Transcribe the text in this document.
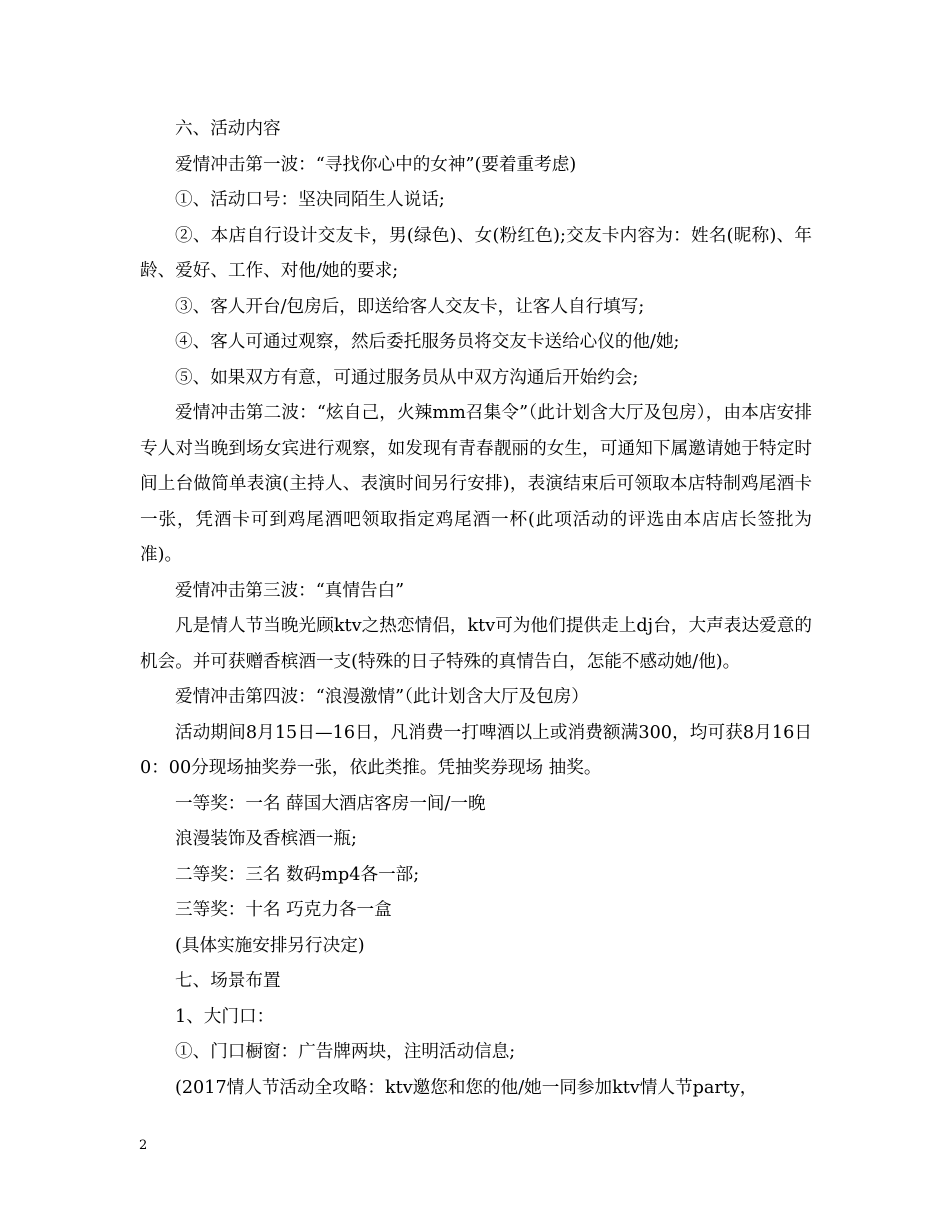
六、活动内容

爱情冲击第一波：“寻找你心中的女神”(要着重考虑)

①、活动口号：坚决同陌生人说话;

②、本店自行设计交友卡，男(绿色)、女(粉红色);交友卡内容为：姓名(昵称)、年龄、爱好、工作、对他/她的要求;

③、客人开台/包房后，即送给客人交友卡，让客人自行填写;

④、客人可通过观察，然后委托服务员将交友卡送给心仪的他/她;

⑤、如果双方有意，可通过服务员从中双方沟通后开始约会;

爱情冲击第二波：“炫自己，火辣mm召集令”（此计划含大厅及包房），由本店安排专人对当晚到场女宾进行观察，如发现有青春靓丽的女生，可通知下属邀请她于特定时间上台做简单表演(主持人、表演时间另行安排)，表演结束后可领取本店特制鸡尾酒卡一张，凭酒卡可到鸡尾酒吧领取指定鸡尾酒一杯(此项活动的评选由本店店长签批为准)。

爱情冲击第三波：“真情告白”

凡是情人节当晚光顾ktv之热恋情侣，ktv可为他们提供走上dj台，大声表达爱意的机会。并可获赠香槟酒一支(特殊的日子特殊的真情告白，怎能不感动她/他)。

爱情冲击第四波：“浪漫激情”（此计划含大厅及包房）

活动期间8月15日—16日，凡消费一打啤酒以上或消费额满300，均可获8月16日0：00分现场抽奖券一张，依此类推。凭抽奖券现场 抽奖。

一等奖：一名 薛国大酒店客房一间/一晚

浪漫装饰及香槟酒一瓶;

二等奖：三名 数码mp4各一部;

三等奖：十名 巧克力各一盒

(具体实施安排另行决定)

七、场景布置

1、大门口：

①、门口橱窗：广告牌两块，注明活动信息;

(2017情人节活动全攻略：ktv邀您和您的他/她一同参加ktv情人节party，

2
